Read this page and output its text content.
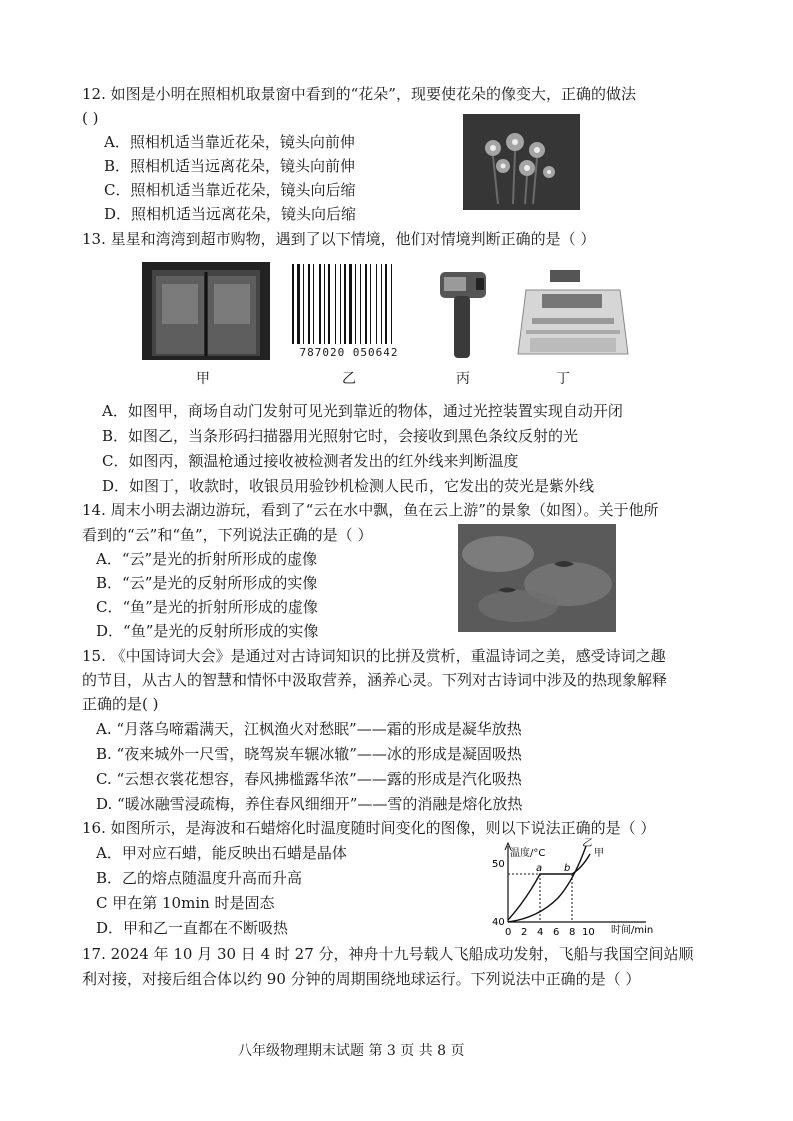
12. 如图是小明在照相机取景窗中看到的“花朵”，现要使花朵的像变大，正确的做法
( )
A．照相机适当靠近花朵，镜头向前伸
B．照相机适当远离花朵，镜头向前伸
C．照相机适当靠近花朵，镜头向后缩
D．照相机适当远离花朵，镜头向后缩
13. 星星和湾湾到超市购物，遇到了以下情境，他们对情境判断正确的是（ ）
787020 050642
甲	乙	丙	丁
A．如图甲，商场自动门发射可见光到靠近的物体，通过光控装置实现自动开闭
B．如图乙，当条形码扫描器用光照射它时，会接收到黑色条纹反射的光
C．如图丙，额温枪通过接收被检测者发出的红外线来判断温度
D．如图丁，收款时，收银员用验钞机检测人民币，它发出的荧光是紫外线
14. 周末小明去湖边游玩，看到了“云在水中飘，鱼在云上游”的景象（如图）。关于他所
看到的“云”和“鱼”，下列说法正确的是（ ）
A．“云”是光的折射所形成的虚像
B．“云”是光的反射所形成的实像
C．“鱼”是光的折射所形成的虚像
D．“鱼”是光的反射所形成的实像
15. 《中国诗词大会》是通过对古诗词知识的比拼及赏析，重温诗词之美，感受诗词之趣
的节目，从古人的智慧和情怀中汲取营养，涵养心灵。下列对古诗词中涉及的热现象解释
正确的是( )
A. “月落乌啼霜满天，江枫渔火对愁眠”——霜的形成是凝华放热
B. “夜来城外一尺雪，晓驾炭车辗冰辙”——冰的形成是凝固吸热
C. “云想衣裳花想容，春风拂槛露华浓”——露的形成是汽化吸热
D. “暖冰融雪浸疏梅，养住春风细细开”——雪的消融是熔化放热
16. 如图所示，是海波和石蜡熔化时温度随时间变化的图像，则以下说法正确的是（ ）
A．甲对应石蜡，能反映出石蜡是晶体
B．乙的熔点随温度升高而升高
C 甲在第 10min 时是固态
D．甲和乙一直都在不断吸热
温度/°C
时间/min
50
40
0 2 4 6 8 10
a b
甲
乙
17. 2024 年 10 月 30 日 4 时 27 分，神舟十九号载人飞船成功发射，飞船与我国空间站顺
利对接，对接后组合体以约 90 分钟的周期围绕地球运行。下列说法中正确的是（ ）
八年级物理期末试题 第 3 页 共 8 页
